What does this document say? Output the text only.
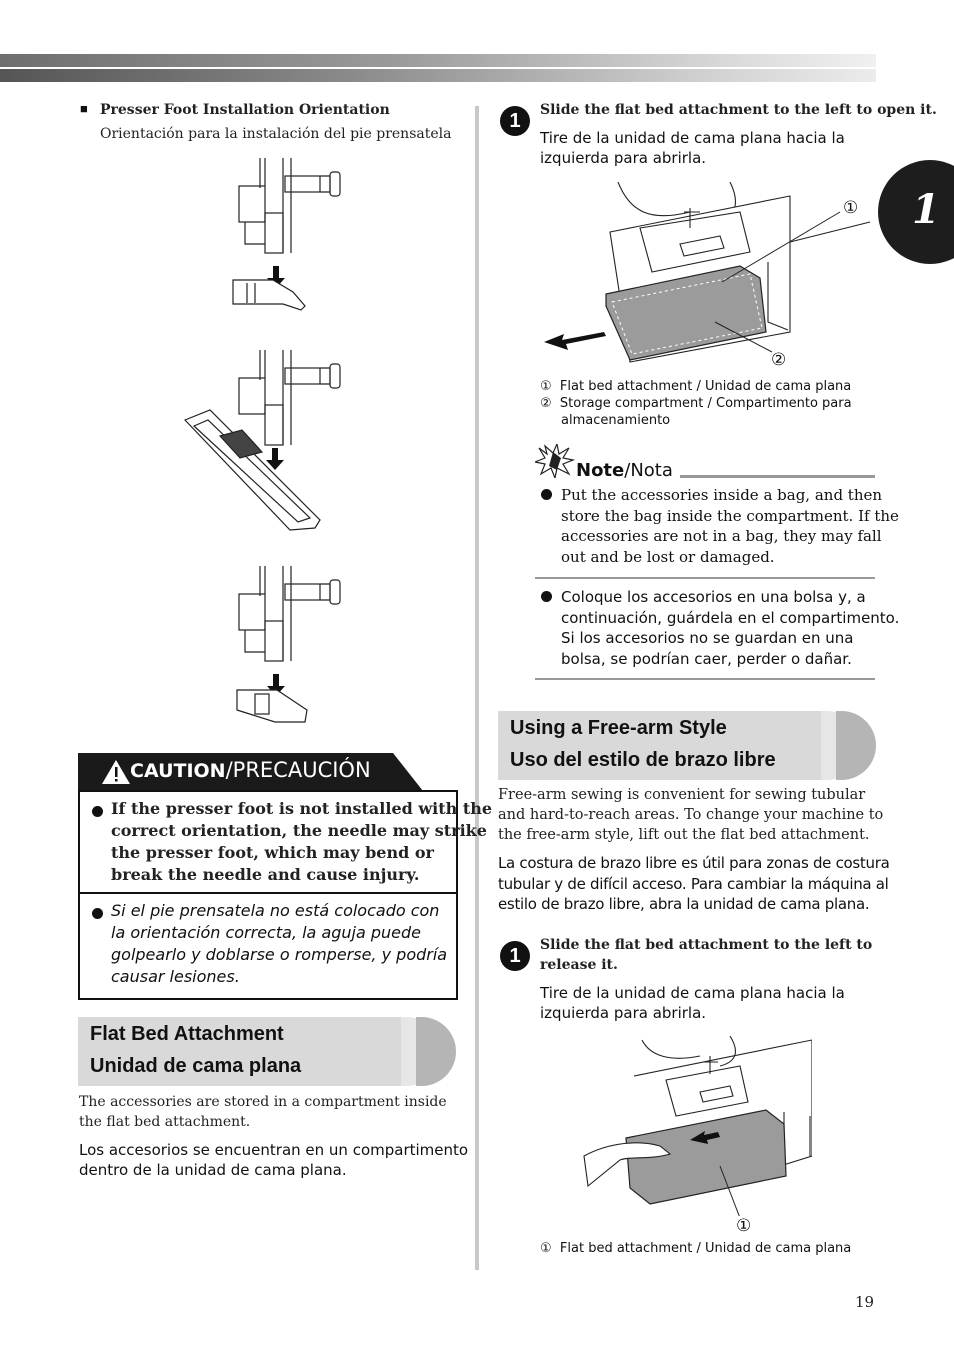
1
■ Presser Foot Installation Orientation
Orientación para la instalación del pie prensatela
CAUTION/PRECAUCIÓN
If the presser foot is not installed with the
correct orientation, the needle may strike
the presser foot, which may bend or
break the needle and cause injury.
Si el pie prensatela no está colocado con
la orientación correcta, la aguja puede
golpearlo y doblarse o romperse, y podría
causar lesiones.
Flat Bed Attachment
Unidad de cama plana
The accessories are stored in a compartment inside
the flat bed attachment.
Los accesorios se encuentran en un compartimento
dentro de la unidad de cama plana.
1	Slide the flat bed attachment to the left to open it.
Tire de la unidad de cama plana hacia la
izquierda para abrirla.
①
②
① Flat bed attachment / Unidad de cama plana
② Storage compartment / Compartimento para
almacenamiento
Note/Nota
Put the accessories inside a bag, and then
store the bag inside the compartment. If the
accessories are not in a bag, they may fall
out and be lost or damaged.
Coloque los accesorios en una bolsa y, a
continuación, guárdela en el compartimento.
Si los accesorios no se guardan en una
bolsa, se podrían caer, perder o dañar.
Using a Free-arm Style
Uso del estilo de brazo libre
Free-arm sewing is convenient for sewing tubular
and hard-to-reach areas. To change your machine to
the free-arm style, lift out the flat bed attachment.
La costura de brazo libre es útil para zonas de costura
tubular y de difícil acceso. Para cambiar la máquina al
estilo de brazo libre, abra la unidad de cama plana.
1	Slide the flat bed attachment to the left to
release it.
Tire de la unidad de cama plana hacia la
izquierda para abrirla.
①
① Flat bed attachment / Unidad de cama plana
19
